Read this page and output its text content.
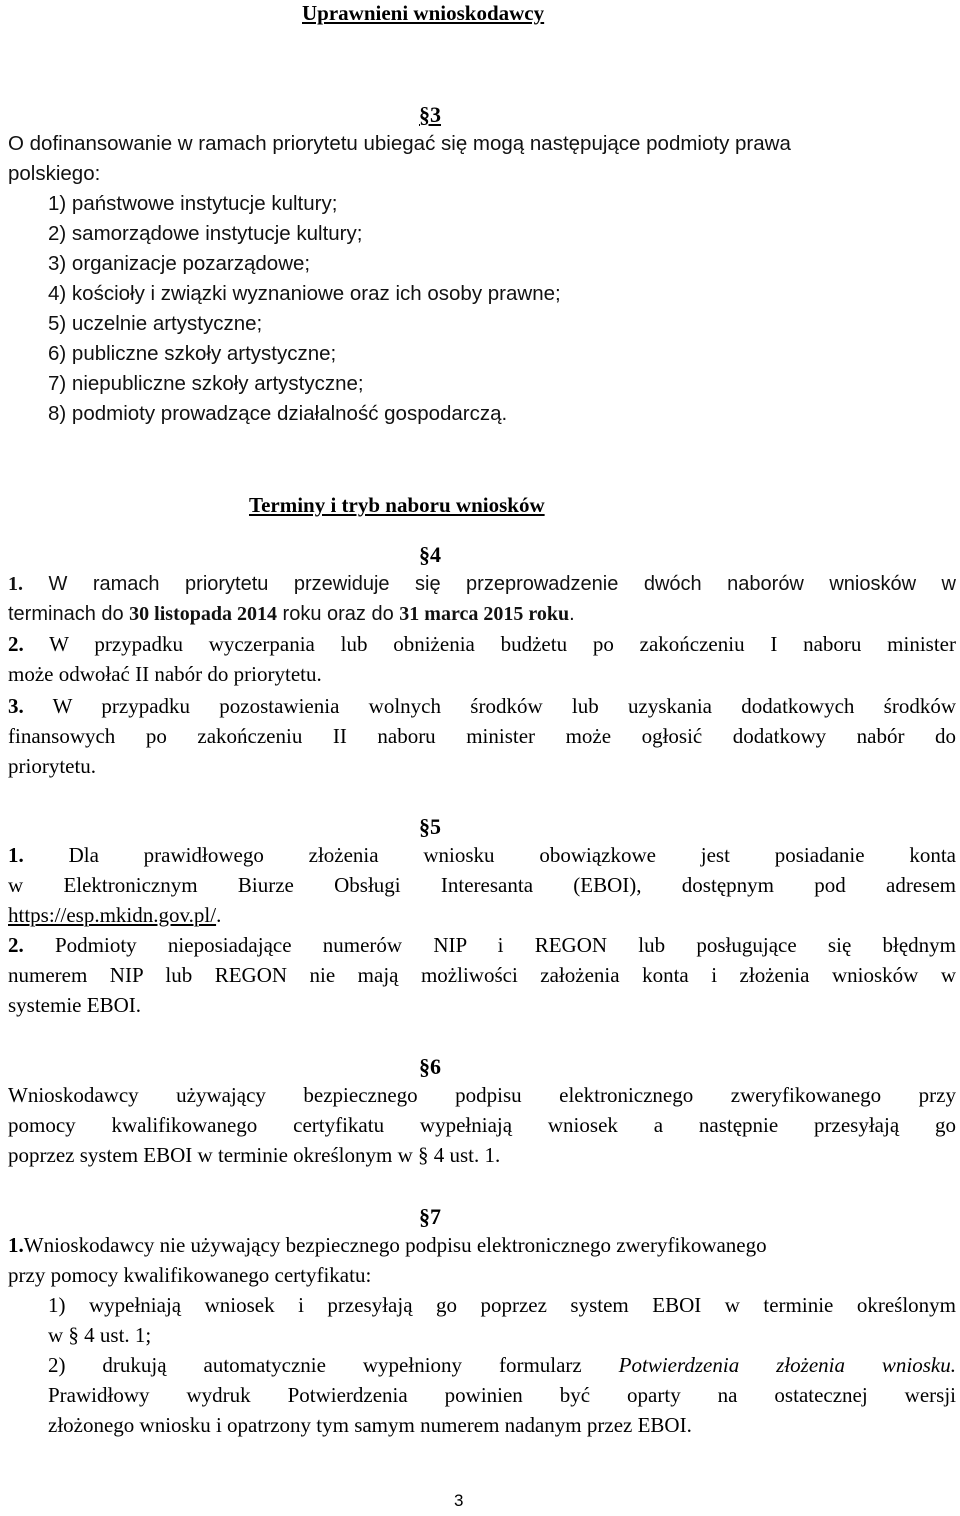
Uprawnieni wnioskodawcy
§3
O dofinansowanie w ramach priorytetu ubiegać się mogą następujące podmioty prawa
polskiego:
1) państwowe instytucje kultury;
2) samorządowe instytucje kultury;
3) organizacje pozarządowe;
4) kościoły i związki wyznaniowe oraz ich osoby prawne;
5) uczelnie artystyczne;
6) publiczne szkoły artystyczne;
7) niepubliczne szkoły artystyczne;
8) podmioty prowadzące działalność gospodarczą.
Terminy i tryb naboru wniosków
§4
1. W ramach priorytetu przewiduje się przeprowadzenie dwóch naborów wniosków w
terminach do 30 listopada 2014 roku oraz do 31 marca 2015 roku.
2. W przypadku wyczerpania lub obniżenia budżetu po zakończeniu I naboru minister
może odwołać II nabór do priorytetu.
3. W przypadku pozostawienia wolnych środków lub uzyskania dodatkowych środków
finansowych po zakończeniu II naboru minister może ogłosić dodatkowy nabór do
priorytetu.
§5
1. Dla prawidłowego złożenia wniosku obowiązkowe jest posiadanie konta
w Elektronicznym Biurze Obsługi Interesanta (EBOI), dostępnym pod adresem
https://esp.mkidn.gov.pl/.
2. Podmioty nieposiadające numerów NIP i REGON lub posługujące się błędnym
numerem NIP lub REGON nie mają możliwości założenia konta i złożenia wniosków w
systemie EBOI.
§6
Wnioskodawcy używający bezpiecznego podpisu elektronicznego zweryfikowanego przy
pomocy kwalifikowanego certyfikatu wypełniają wniosek a następnie przesyłają go
poprzez system EBOI w terminie określonym w § 4 ust. 1.
§7
1.Wnioskodawcy nie używający bezpiecznego podpisu elektronicznego zweryfikowanego
przy pomocy kwalifikowanego certyfikatu:
1) wypełniają wniosek i przesyłają go poprzez system EBOI w terminie określonym
w § 4 ust. 1;
2) drukują automatycznie wypełniony formularz Potwierdzenia złożenia wniosku.
Prawidłowy wydruk Potwierdzenia powinien być oparty na ostatecznej wersji
złożonego wniosku i opatrzony tym samym numerem nadanym przez EBOI.
3
